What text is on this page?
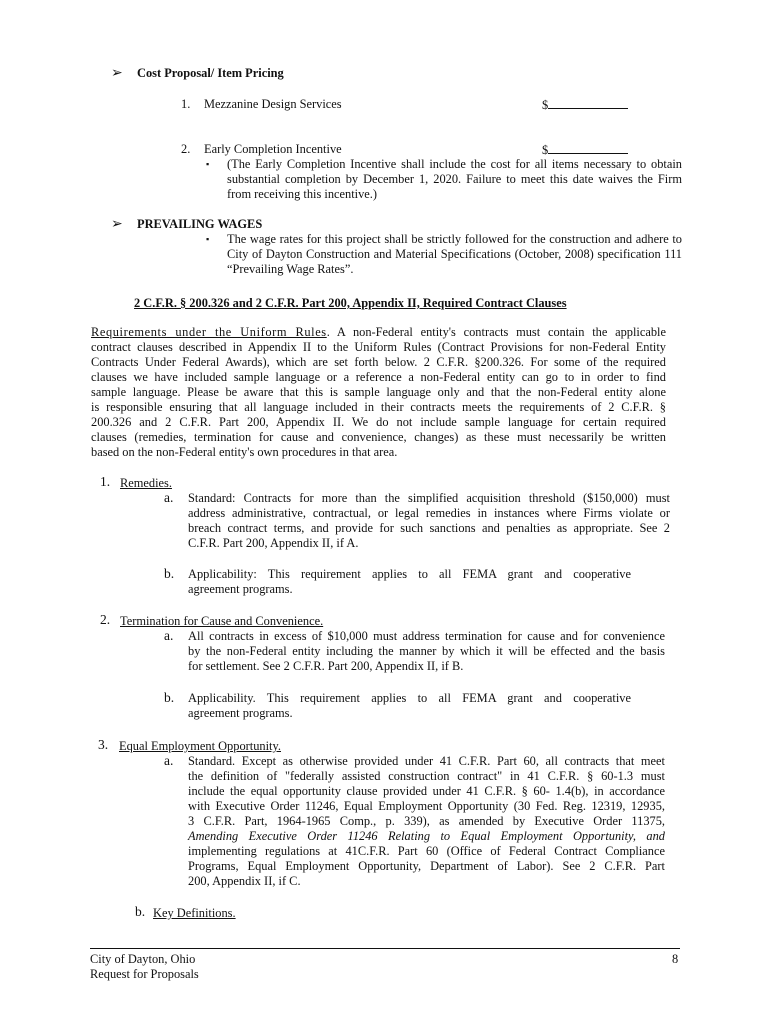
➢ Cost Proposal/ Item Pricing
1. Mezzanine Design Services	$
2. Early Completion Incentive	$
▪ (The Early Completion Incentive shall include the cost for all items necessary to obtain
substantial completion by December 1, 2020. Failure to meet this date waives the Firm
from receiving this incentive.)
➢ PREVAILING WAGES
▪ The wage rates for this project shall be strictly followed for the construction and adhere to
City of Dayton Construction and Material Specifications (October, 2008) specification 111
“Prevailing Wage Rates”.
2 C.F.R. § 200.326 and 2 C.F.R. Part 200, Appendix II, Required Contract Clauses
Requirements under the Uniform Rules. A non-Federal entity's contracts must contain the applicable
contract clauses described in Appendix II to the Uniform Rules (Contract Provisions for non-Federal Entity
Contracts Under Federal Awards), which are set forth below. 2 C.F.R. §200.326. For some of the required
clauses we have included sample language or a reference a non-Federal entity can go to in order to find
sample language. Please be aware that this is sample language only and that the non-Federal entity alone
is responsible ensuring that all language included in their contracts meets the requirements of 2 C.F.R. §
200.326 and 2 C.F.R. Part 200, Appendix II. We do not include sample language for certain required
clauses (remedies, termination for cause and convenience, changes) as these must necessarily be written
based on the non-Federal entity's own procedures in that area.
1. Remedies.
a. Standard: Contracts for more than the simplified acquisition threshold ($150,000) must
address administrative, contractual, or legal remedies in instances where Firms violate or
breach contract terms, and provide for such sanctions and penalties as appropriate. See 2
C.F.R. Part 200, Appendix II, if A.
b. Applicability: This requirement applies to all FEMA grant and cooperative
agreement programs.
2. Termination for Cause and Convenience.
a. All contracts in excess of $10,000 must address termination for cause and for convenience
by the non-Federal entity including the manner by which it will be effected and the basis
for settlement. See 2 C.F.R. Part 200, Appendix II, if B.
b. Applicability. This requirement applies to all FEMA grant and cooperative
agreement programs.
3. Equal Employment Opportunity.
a. Standard. Except as otherwise provided under 41 C.F.R. Part 60, all contracts that meet
the definition of "federally assisted construction contract" in 41 C.F.R. § 60-1.3 must
include the equal opportunity clause provided under 41 C.F.R. § 60- 1.4(b), in accordance
with Executive Order 11246, Equal Employment Opportunity (30 Fed. Reg. 12319, 12935,
3 C.F.R. Part, 1964-1965 Comp., p. 339), as amended by Executive Order 11375,
Amending Executive Order 11246 Relating to Equal Employment Opportunity, and
implementing regulations at 41C.F.R. Part 60 (Office of Federal Contract Compliance
Programs, Equal Employment Opportunity, Department of Labor). See 2 C.F.R. Part
200, Appendix II, if C.
b. Key Definitions.
City of Dayton, Ohio
Request for Proposals
8
